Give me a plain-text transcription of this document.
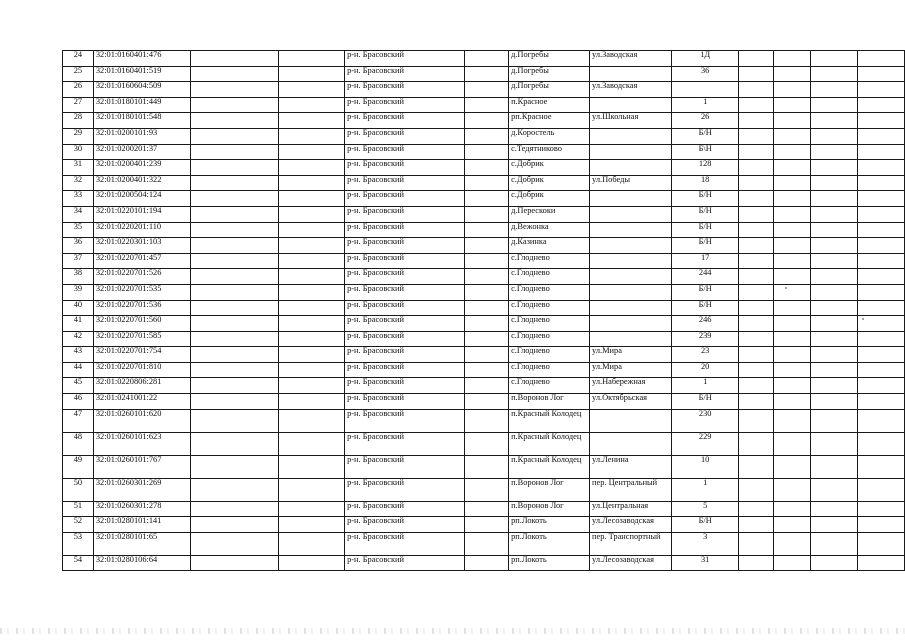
24	32:01:0160401:476			р-н. Брасовский		д.Погребы	ул.Заводская	1Д				
25	32:01:0160401:519			р-н. Брасовский		д.Погребы		36				
26	32:01:0160604:509			р-н. Брасовский		д.Погребы	ул.Заводская					
27	32:01:0180101:449			р-н. Брасовский		п.Красное		1				
28	32:01:0180101:548			р-н. Брасовский		рп.Красное	ул.Школьная	26				
29	32:01:0200101:93			р-н. Брасовский		д.Коростель		Б/Н				
30	32:01:0200201:37			р-н. Брасовский		с.Тедятниково		Б\Н				
31	32:01:0200401:239			р-н. Брасовский		с.Добрик		128				
32	32:01:0200401:322			р-н. Брасовский		с.Добрик	ул.Победы	18				
33	32:01:0200504:124			р-н. Брасовский		с.Добрик		Б/Н				
34	32:01:0220101:194			р-н. Брасовский		д.Перескоки		Б/Н				
35	32:01:0220201:110			р-н. Брасовский		д.Вежонка		Б/Н				
36	32:01:0220301:103			р-н. Брасовский		д.Казинка		Б/Н				
37	32:01:0220701:457			р-н. Брасовский		с.Глодневo		17				
38	32:01:0220701:526			р-н. Брасовский		с.Глоднево		244				
39	32:01:0220701:535			р-н. Брасовский		с.Глоднево		Б/Н				
40	32:01:0220701:536			р-н. Брасовский		с.Глоднево		Б/Н				
41	32:01:0220701:560			р-н. Брасовский		с.Глоднево		246				
42	32:01:0220701:585			р-н. Брасовский		с.Глоднево		239				
43	32:01:0220701:754			р-н. Брасовский		с.Глоднево	ул.Мира	23				
44	32:01:0220701:810			р-н. Брасовский		с.Глоднево	ул.Мира	20				
45	32:01:0220806:281			р-н. Брасовский		с.Глоднево	ул.Набережная	1				
46	32:01:0241001:22			р-н. Брасовский		п.Воронов Лог	ул.Октябрьская	Б/Н				
47	32:01:0260101:620			р-н. Брасовский		п.Красный Колодец		230				
48	32:01:0260101:623			р-н. Брасовский		п.Красный Колодец		229				
49	32:01:0260101:767			р-н. Брасовский		п.Красный Колодец	ул.Ленина	10				
50	32:01:0260301:269			р-н. Брасовский		п.Воронов Лог	пер. Центральный	1				
51	32:01:0260301:278			р-н. Брасовский		п.Воронов Лог	ул.Центральная	5				
52	32:01:0280101:141			р-н. Брасовский		рп.Локоть	ул.Лесозаводская	Б/Н				
53	32:01:0280101:65			р-н. Брасовский		рп.Локоть	пер. Транспортный	3				
54	32:01:0280106:64			р-н. Брасовский		рп.Локоть	ул.Лесозаводская	31				
